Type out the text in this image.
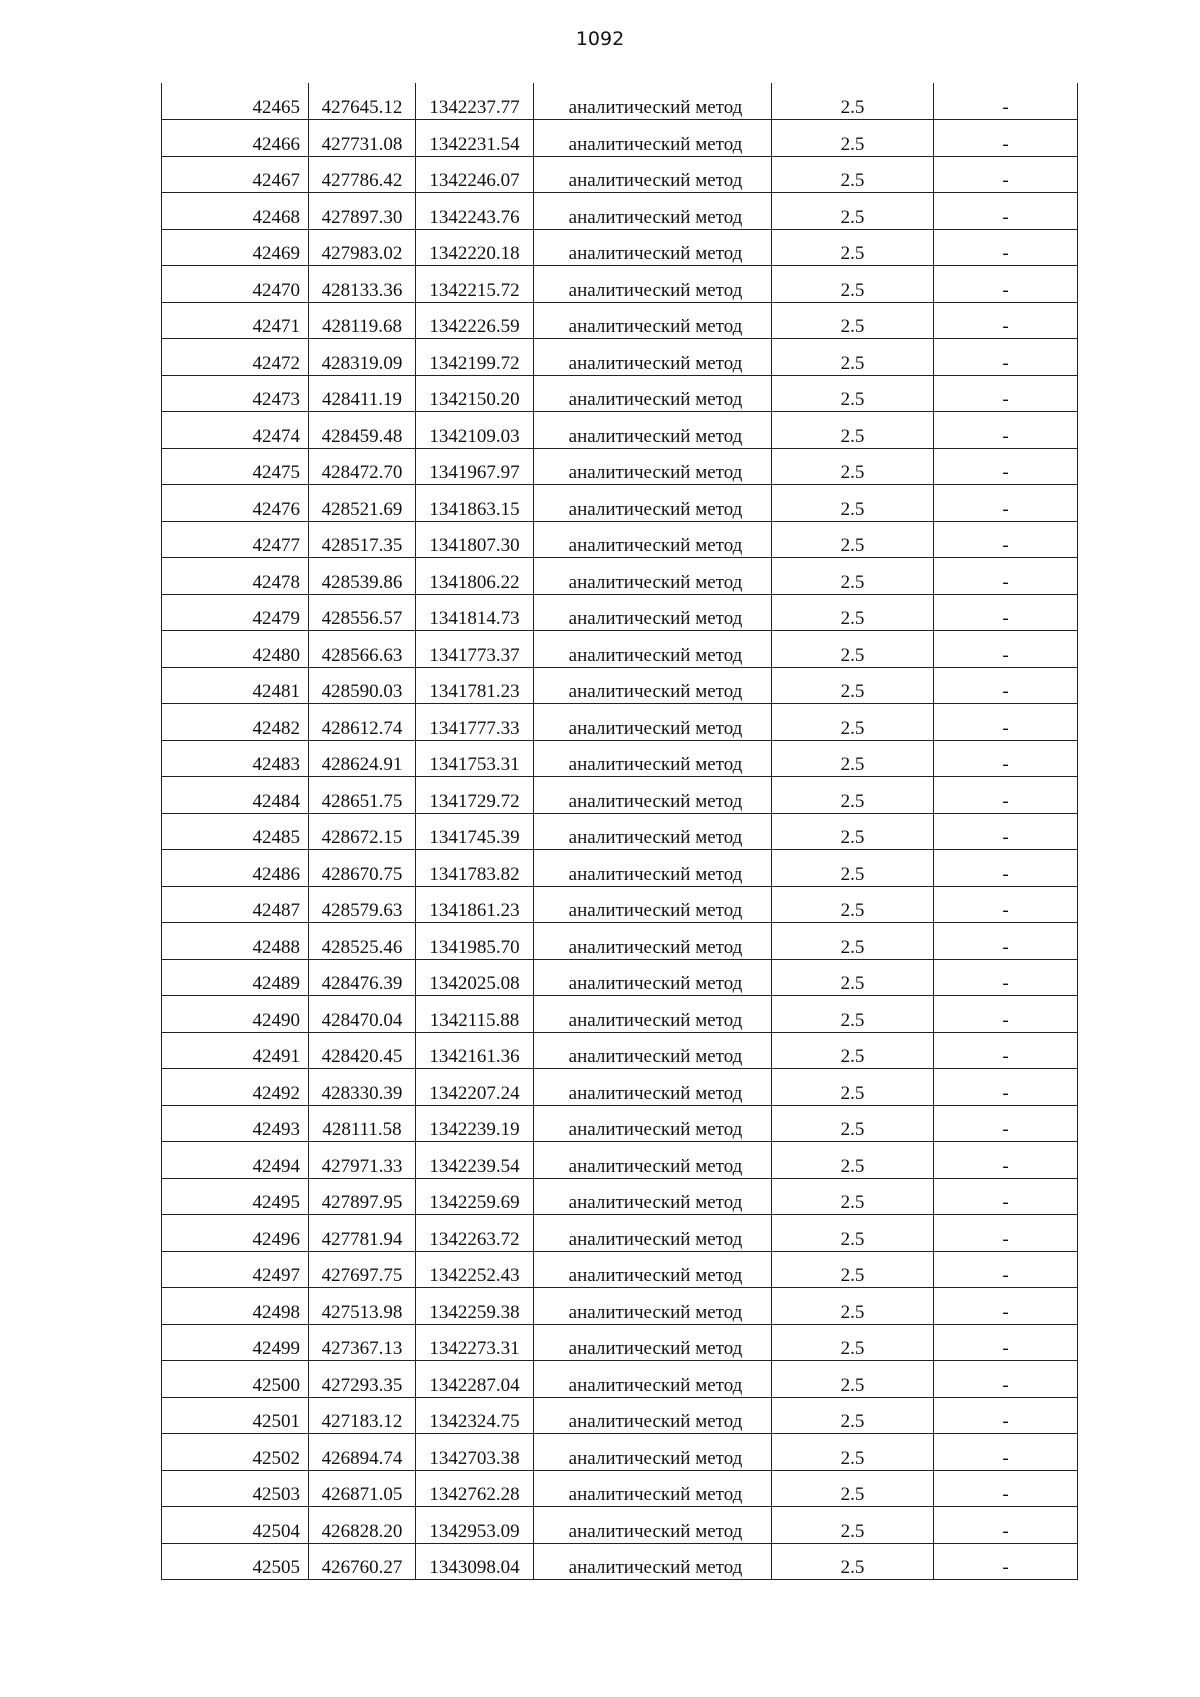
1092
42465	427645.12	1342237.77	аналитический метод	2.5	-
42466	427731.08	1342231.54	аналитический метод	2.5	-
42467	427786.42	1342246.07	аналитический метод	2.5	-
42468	427897.30	1342243.76	аналитический метод	2.5	-
42469	427983.02	1342220.18	аналитический метод	2.5	-
42470	428133.36	1342215.72	аналитический метод	2.5	-
42471	428119.68	1342226.59	аналитический метод	2.5	-
42472	428319.09	1342199.72	аналитический метод	2.5	-
42473	428411.19	1342150.20	аналитический метод	2.5	-
42474	428459.48	1342109.03	аналитический метод	2.5	-
42475	428472.70	1341967.97	аналитический метод	2.5	-
42476	428521.69	1341863.15	аналитический метод	2.5	-
42477	428517.35	1341807.30	аналитический метод	2.5	-
42478	428539.86	1341806.22	аналитический метод	2.5	-
42479	428556.57	1341814.73	аналитический метод	2.5	-
42480	428566.63	1341773.37	аналитический метод	2.5	-
42481	428590.03	1341781.23	аналитический метод	2.5	-
42482	428612.74	1341777.33	аналитический метод	2.5	-
42483	428624.91	1341753.31	аналитический метод	2.5	-
42484	428651.75	1341729.72	аналитический метод	2.5	-
42485	428672.15	1341745.39	аналитический метод	2.5	-
42486	428670.75	1341783.82	аналитический метод	2.5	-
42487	428579.63	1341861.23	аналитический метод	2.5	-
42488	428525.46	1341985.70	аналитический метод	2.5	-
42489	428476.39	1342025.08	аналитический метод	2.5	-
42490	428470.04	1342115.88	аналитический метод	2.5	-
42491	428420.45	1342161.36	аналитический метод	2.5	-
42492	428330.39	1342207.24	аналитический метод	2.5	-
42493	428111.58	1342239.19	аналитический метод	2.5	-
42494	427971.33	1342239.54	аналитический метод	2.5	-
42495	427897.95	1342259.69	аналитический метод	2.5	-
42496	427781.94	1342263.72	аналитический метод	2.5	-
42497	427697.75	1342252.43	аналитический метод	2.5	-
42498	427513.98	1342259.38	аналитический метод	2.5	-
42499	427367.13	1342273.31	аналитический метод	2.5	-
42500	427293.35	1342287.04	аналитический метод	2.5	-
42501	427183.12	1342324.75	аналитический метод	2.5	-
42502	426894.74	1342703.38	аналитический метод	2.5	-
42503	426871.05	1342762.28	аналитический метод	2.5	-
42504	426828.20	1342953.09	аналитический метод	2.5	-
42505	426760.27	1343098.04	аналитический метод	2.5	-
